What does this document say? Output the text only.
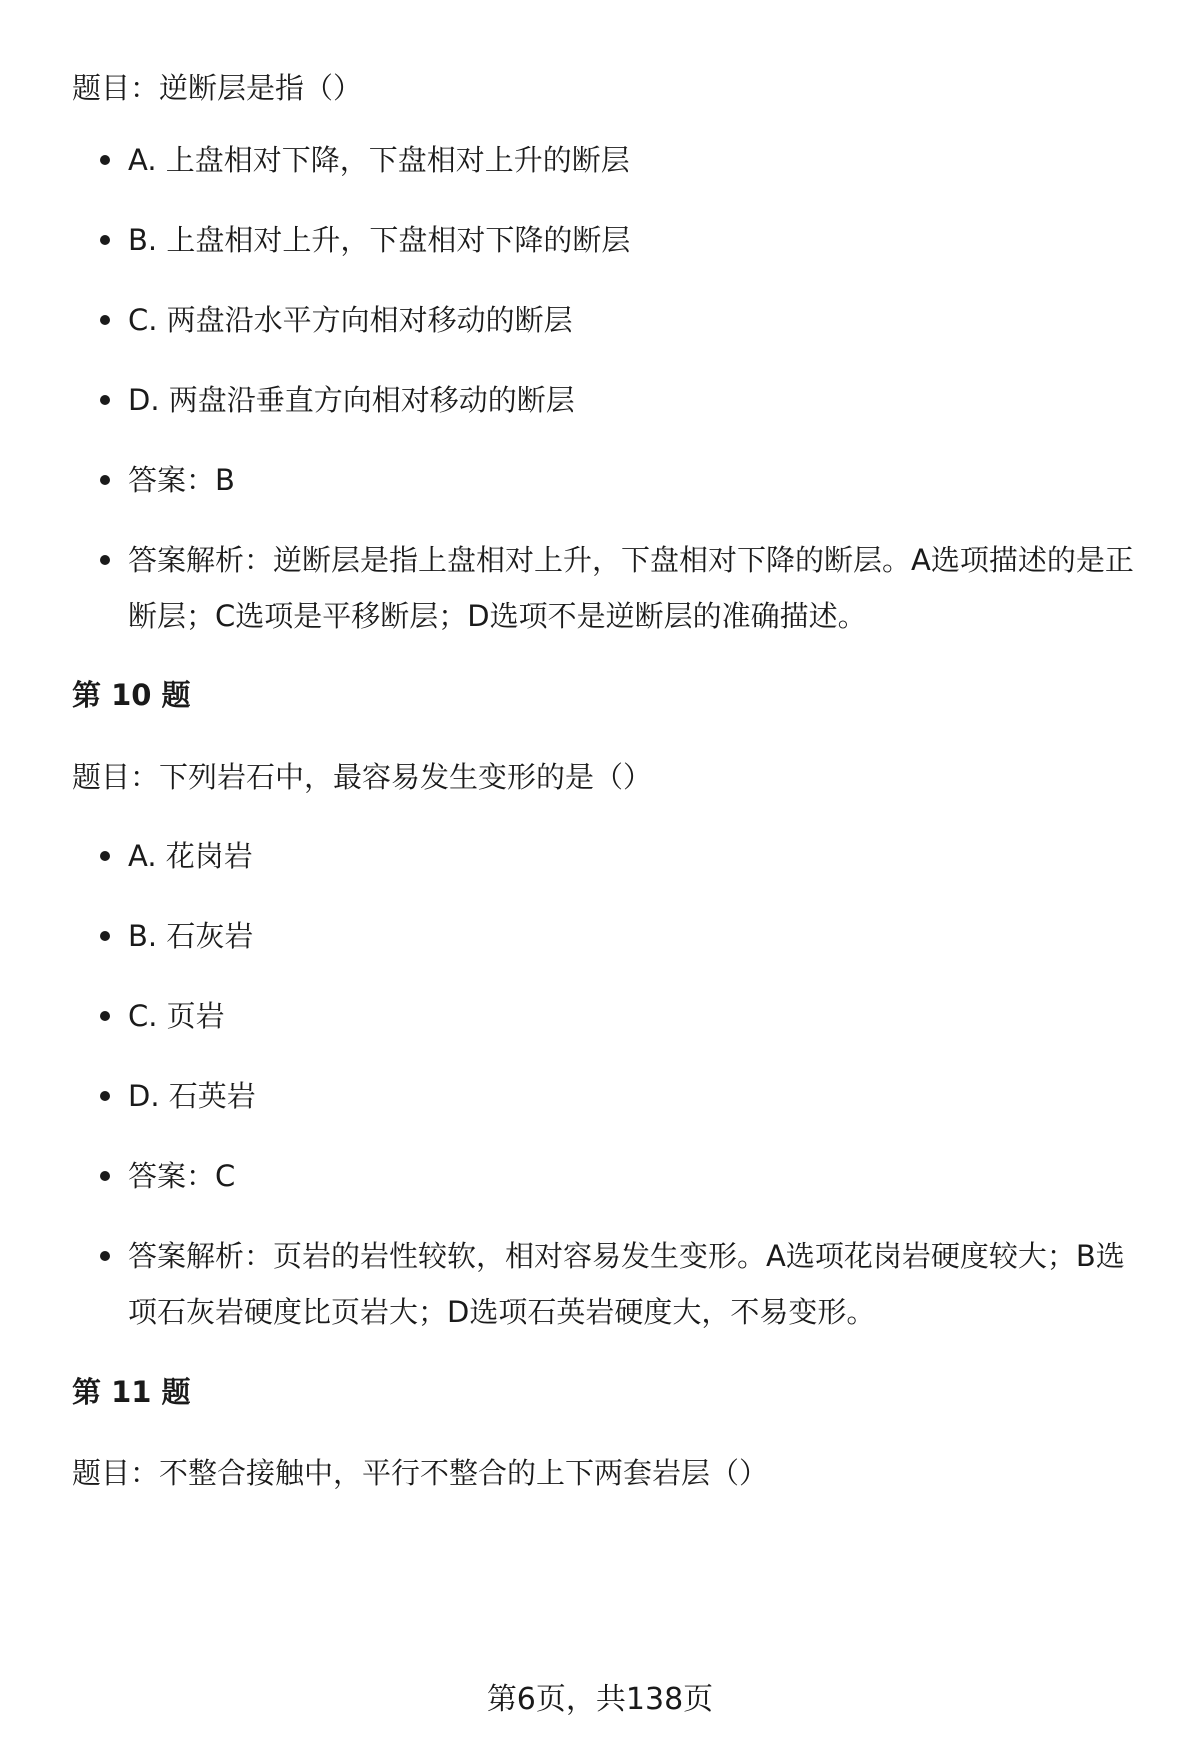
题目：逆断层是指（）
A. 上盘相对下降，下盘相对上升的断层
B. 上盘相对上升，下盘相对下降的断层
C. 两盘沿水平方向相对移动的断层
D. 两盘沿垂直方向相对移动的断层
答案：B
答案解析：逆断层是指上盘相对上升，下盘相对下降的断层。A选项描述的是正断层；C选项是平移断层；D选项不是逆断层的准确描述。
第 10 题
题目：下列岩石中，最容易发生变形的是（）
A. 花岗岩
B. 石灰岩
C. 页岩
D. 石英岩
答案：C
答案解析：页岩的岩性较软，相对容易发生变形。A选项花岗岩硬度较大；B选项石灰岩硬度比页岩大；D选项石英岩硬度大，不易变形。
第 11 题
题目：不整合接触中，平行不整合的上下两套岩层（）
第6页，共138页
